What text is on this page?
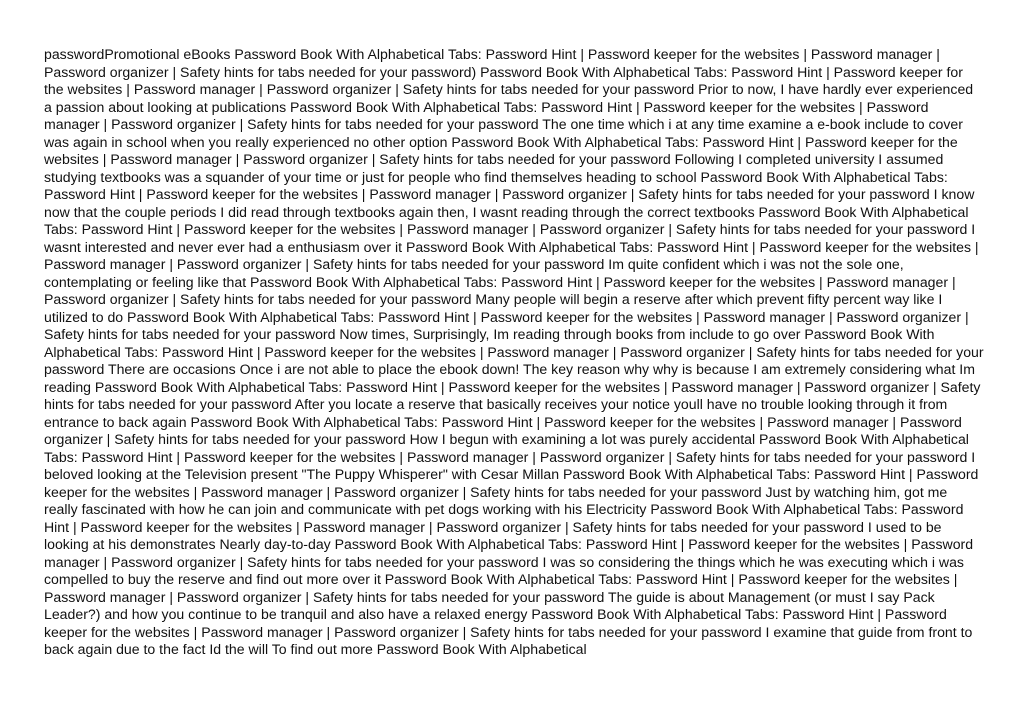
passwordPromotional eBooks Password Book With Alphabetical Tabs: Password Hint | Password keeper for the websites | Password manager | Password organizer | Safety hints for tabs needed for your password) Password Book With Alphabetical Tabs: Password Hint | Password keeper for the websites | Password manager | Password organizer | Safety hints for tabs needed for your password Prior to now, I have hardly ever experienced a passion about looking at publications Password Book With Alphabetical Tabs: Password Hint | Password keeper for the websites | Password manager | Password organizer | Safety hints for tabs needed for your password The one time which i at any time examine a e-book include to cover was again in school when you really experienced no other option Password Book With Alphabetical Tabs: Password Hint | Password keeper for the websites | Password manager | Password organizer | Safety hints for tabs needed for your password Following I completed university I assumed studying textbooks was a squander of your time or just for people who find themselves heading to school Password Book With Alphabetical Tabs: Password Hint | Password keeper for the websites | Password manager | Password organizer | Safety hints for tabs needed for your password I know now that the couple periods I did read through textbooks again then, I wasnt reading through the correct textbooks Password Book With Alphabetical Tabs: Password Hint | Password keeper for the websites | Password manager | Password organizer | Safety hints for tabs needed for your password I wasnt interested and never ever had a enthusiasm over it Password Book With Alphabetical Tabs: Password Hint | Password keeper for the websites | Password manager | Password organizer | Safety hints for tabs needed for your password Im quite confident which i was not the sole one, contemplating or feeling like that Password Book With Alphabetical Tabs: Password Hint | Password keeper for the websites | Password manager | Password organizer | Safety hints for tabs needed for your password Many people will begin a reserve after which prevent fifty percent way like I utilized to do Password Book With Alphabetical Tabs: Password Hint | Password keeper for the websites | Password manager | Password organizer | Safety hints for tabs needed for your password Now times, Surprisingly, Im reading through books from include to go over Password Book With Alphabetical Tabs: Password Hint | Password keeper for the websites | Password manager | Password organizer | Safety hints for tabs needed for your password There are occasions Once i are not able to place the ebook down! The key reason why why is because I am extremely considering what Im reading Password Book With Alphabetical Tabs: Password Hint | Password keeper for the websites | Password manager | Password organizer | Safety hints for tabs needed for your password After you locate a reserve that basically receives your notice youll have no trouble looking through it from entrance to back again Password Book With Alphabetical Tabs: Password Hint | Password keeper for the websites | Password manager | Password organizer | Safety hints for tabs needed for your password How I begun with examining a lot was purely accidental Password Book With Alphabetical Tabs: Password Hint | Password keeper for the websites | Password manager | Password organizer | Safety hints for tabs needed for your password I beloved looking at the Television present "The Puppy Whisperer" with Cesar Millan Password Book With Alphabetical Tabs: Password Hint | Password keeper for the websites | Password manager | Password organizer | Safety hints for tabs needed for your password Just by watching him, got me really fascinated with how he can join and communicate with pet dogs working with his Electricity Password Book With Alphabetical Tabs: Password Hint | Password keeper for the websites | Password manager | Password organizer | Safety hints for tabs needed for your password I used to be looking at his demonstrates Nearly day-to-day Password Book With Alphabetical Tabs: Password Hint | Password keeper for the websites | Password manager | Password organizer | Safety hints for tabs needed for your password I was so considering the things which he was executing which i was compelled to buy the reserve and find out more over it Password Book With Alphabetical Tabs: Password Hint | Password keeper for the websites | Password manager | Password organizer | Safety hints for tabs needed for your password The guide is about Management (or must I say Pack Leader?) and how you continue to be tranquil and also have a relaxed energy Password Book With Alphabetical Tabs: Password Hint | Password keeper for the websites | Password manager | Password organizer | Safety hints for tabs needed for your password I examine that guide from front to back again due to the fact Id the will To find out more Password Book With Alphabetical
